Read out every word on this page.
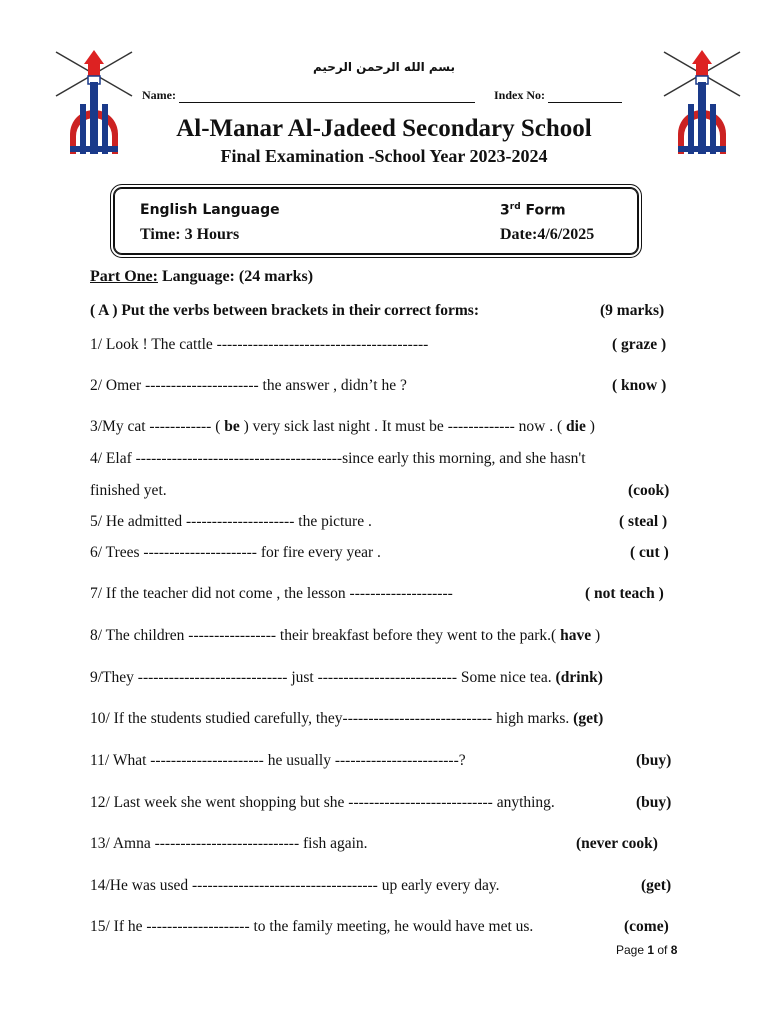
بسم الله الرحمن الرحيم
Name:	Index No:
Al-Manar Al-Jadeed Secondary School
Final Examination -School Year 2023-2024
English Language	3rd Form
Time: 3 Hours	Date:4/6/2025
Part One: Language: (24 marks)
( A ) Put the verbs between brackets in their correct forms:	(9 marks)
1/ Look ! The cattle -----------------------------------------	( graze )
2/ Omer ---------------------- the answer , didn’t he ?	( know )
3/My cat ------------ ( be ) very sick last night . It must be ------------- now . ( die )
4/ Elaf ----------------------------------------since early this morning, and she hasn't
finished yet.	(cook)
5/ He admitted --------------------- the picture .	( steal )
6/ Trees ---------------------- for fire every year .	( cut )
7/ If the teacher did not come , the lesson --------------------	( not teach )
8/ The children ----------------- their breakfast before they went to the park.( have )
9/They ----------------------------- just --------------------------- Some nice tea. (drink)
10/ If the students studied carefully, they----------------------------- high marks. (get)
11/ What ---------------------- he usually ------------------------?	(buy)
12/ Last week she went shopping but she ---------------------------- anything.	(buy)
13/ Amna ---------------------------- fish again.	(never cook)
14/He was used ------------------------------------ up early every day.	(get)
15/ If he -------------------- to the family meeting, he would have met us.	(come)
Page 1 of 8
